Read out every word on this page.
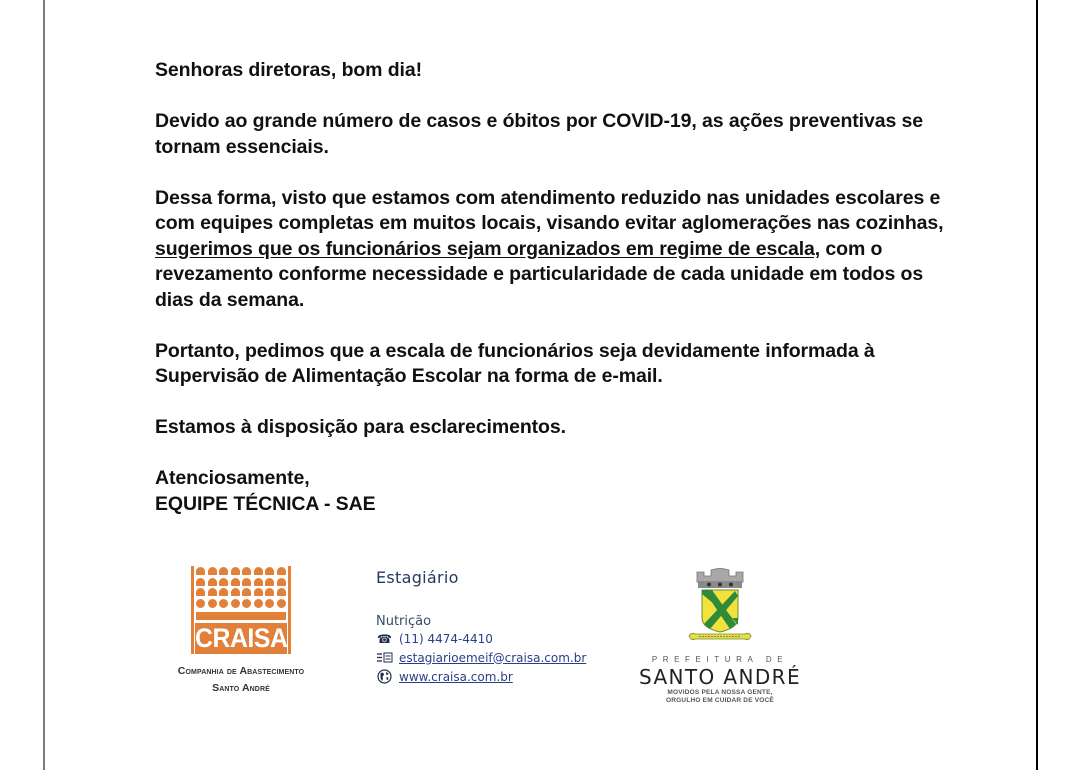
Senhoras diretoras, bom dia!

Devido ao grande número de casos e óbitos por COVID-19, as ações preventivas se tornam essenciais.

Dessa forma, visto que estamos com atendimento reduzido nas unidades escolares e com equipes completas em muitos locais, visando evitar aglomerações nas cozinhas, sugerimos que os funcionários sejam organizados em regime de escala, com o revezamento conforme necessidade e particularidade de cada unidade em todos os dias da semana.

Portanto, pedimos que a escala de funcionários seja devidamente informada à Supervisão de Alimentação Escolar na forma de e-mail.

Estamos à disposição para esclarecimentos.

Atenciosamente,

EQUIPE TÉCNICA - SAE

CRAISA
Companhia de Abastecimento
Santo André
Estagiário
Nutrição
☎ (11) 4474-4410
estagiarioemeif@craisa.com.br
www.craisa.com.br
PREFEITURA DE
SANTO ANDRÉ
MOVIDOS PELA NOSSA GENTE,
ORGULHO EM CUIDAR DE VOCÊ
